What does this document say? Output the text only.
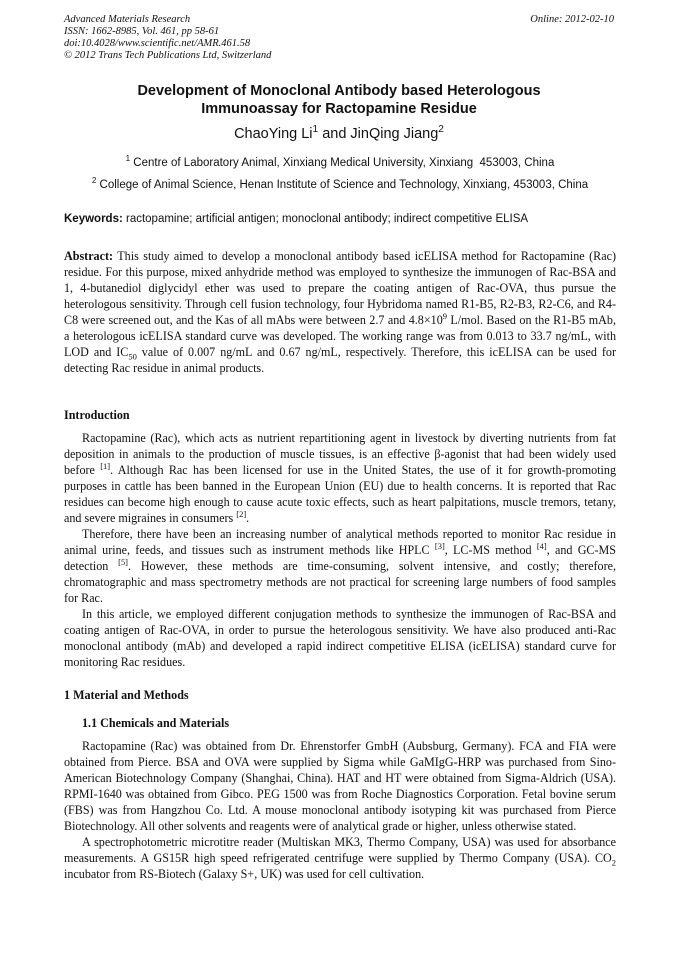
Advanced Materials Research
ISSN: 1662-8985, Vol. 461, pp 58-61
doi:10.4028/www.scientific.net/AMR.461.58
© 2012 Trans Tech Publications Ltd, Switzerland
Online: 2012-02-10
Development of Monoclonal Antibody based Heterologous
Immunoassay for Ractopamine Residue
ChaoYing Li$^1$ and JinQing Jiang$^2$
$^1$ Centre of Laboratory Animal, Xinxiang Medical University, Xinxiang  453003, China
$^2$ College of Animal Science, Henan Institute of Science and Technology, Xinxiang, 453003, China
Keywords: ractopamine; artificial antigen; monoclonal antibody; indirect competitive ELISA

Abstract: This study aimed to develop a monoclonal antibody based icELISA method for Ractopamine (Rac) residue. For this purpose, mixed anhydride method was employed to synthesize the immunogen of Rac-BSA and 1, 4-butanediol diglycidyl ether was used to prepare the coating antigen of Rac-OVA, thus pursue the heterologous sensitivity. Through cell fusion technology, four Hybridoma named R1-B5, R2-B3, R2-C6, and R4-C8 were screened out, and the Kas of all mAbs were between 2.7 and $4.8\times 10^9$ L/mol. Based on the R1-B5 mAb, a heterologous icELISA standard curve was developed. The working range was from 0.013 to 33.7 ng/mL, with LOD and $IC_{50}$ value of 0.007 ng/mL and 0.67 ng/mL, respectively. Therefore, this icELISA can be used for detecting Rac residue in animal products.

Introduction

Ractopamine (Rac), which acts as nutrient repartitioning agent in livestock by diverting nutrients from fat deposition in animals to the production of muscle tissues, is an effective β-agonist that had been widely used before [1]. Although Rac has been licensed for use in the United States, the use of it for growth-promoting purposes in cattle has been banned in the European Union (EU) due to health concerns. It is reported that Rac residues can become high enough to cause acute toxic effects, such as heart palpitations, muscle tremors, tetany, and severe migraines in consumers [2].

Therefore, there have been an increasing number of analytical methods reported to monitor Rac residue in animal urine, feeds, and tissues such as instrument methods like HPLC [3], LC-MS method [4], and GC-MS detection [5]. However, these methods are time-consuming, solvent intensive, and costly; therefore, chromatographic and mass spectrometry methods are not practical for screening large numbers of food samples for Rac.

In this article, we employed different conjugation methods to synthesize the immunogen of Rac-BSA and coating antigen of Rac-OVA, in order to pursue the heterologous sensitivity. We have also produced anti-Rac monoclonal antibody (mAb) and developed a rapid indirect competitive ELISA (icELISA) standard curve for monitoring Rac residues.

1 Material and Methods
1.1 Chemicals and Materials

Ractopamine (Rac) was obtained from Dr. Ehrenstorfer GmbH (Aubsburg, Germany). FCA and FIA were obtained from Pierce. BSA and OVA were supplied by Sigma while GaMIgG-HRP was purchased from Sino-American Biotechnology Company (Shanghai, China). HAT and HT were obtained from Sigma-Aldrich (USA). RPMI-1640 was obtained from Gibco. PEG 1500 was from Roche Diagnostics Corporation. Fetal bovine serum (FBS) was from Hangzhou Co. Ltd. A mouse monoclonal antibody isotyping kit was purchased from Pierce Biotechnology. All other solvents and reagents were of analytical grade or higher, unless otherwise stated.

A spectrophotometric microtitre reader (Multiskan MK3, Thermo Company, USA) was used for absorbance measurements. A GS15R high speed refrigerated centrifuge were supplied by Thermo Company (USA). $CO_2$ incubator from RS-Biotech (Galaxy S+, UK) was used for cell cultivation.
